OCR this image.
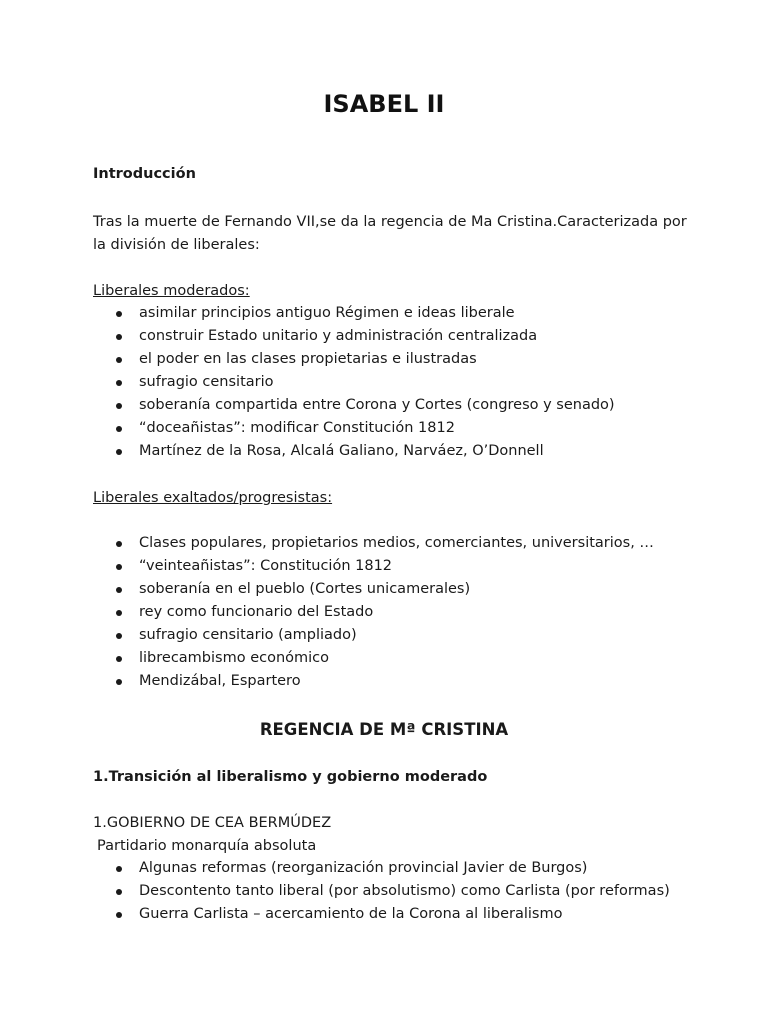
ISABEL II
Introducción
Tras la muerte de Fernando VII,se da la regencia de Ma Cristina.Caracterizada por la división de liberales:
Liberales moderados:
asimilar principios antiguo Régimen e ideas liberale
construir Estado unitario y administración centralizada
el poder en las clases propietarias e ilustradas
sufragio censitario
soberanía compartida entre Corona y Cortes (congreso y senado)
“doceañistas”: modificar Constitución 1812
Martínez de la Rosa, Alcalá Galiano, Narváez, O’Donnell
Liberales exaltados/progresistas:
Clases populares, propietarios medios, comerciantes, universitarios, …
“veinteañistas”: Constitución 1812
soberanía en el pueblo (Cortes unicamerales)
rey como funcionario del Estado
sufragio censitario (ampliado)
librecambismo económico
Mendizábal, Espartero
REGENCIA DE Mª CRISTINA
1.Transición al liberalismo y gobierno moderado
1.GOBIERNO DE CEA BERMÚDEZ
Partidario monarquía absoluta
Algunas reformas (reorganización provincial Javier de Burgos)
Descontento tanto liberal (por absolutismo) como Carlista (por reformas)
Guerra Carlista – acercamiento de la Corona al liberalismo
